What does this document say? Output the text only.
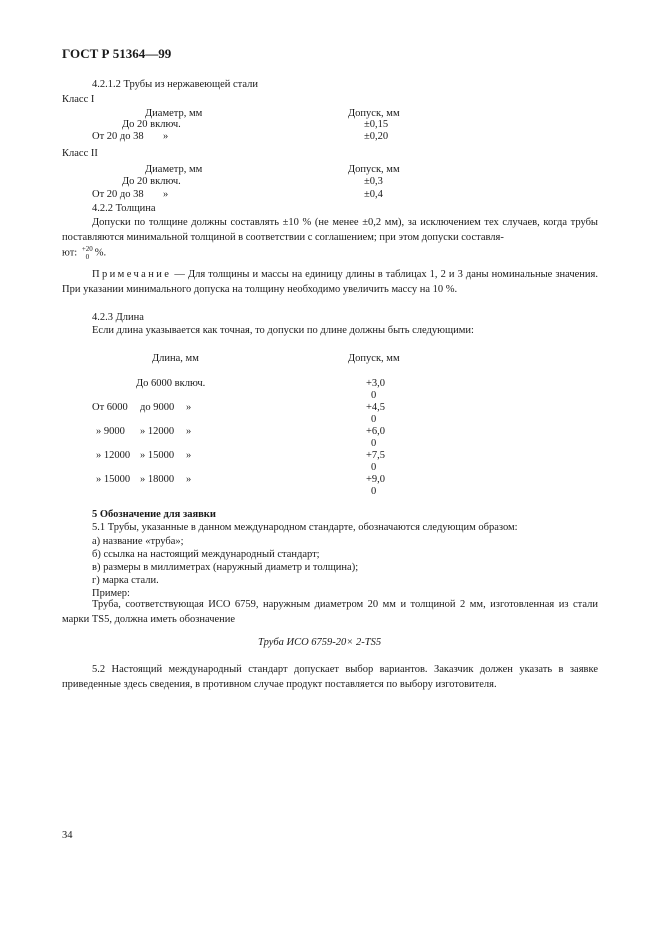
ГОСТ Р 51364—99
4.2.1.2 Трубы из нержавеющей стали
Класс I
Диаметр, мм	Допуск, мм
До 20 включ.	±0,15
От 20 до 38 »	±0,20
Класс II
Диаметр, мм	Допуск, мм
До 20 включ.	±0,3
От 20 до 38 »	±0,4
4.2.2 Толщина
Допуски по толщине должны составлять ±10 % (не менее ±0,2 мм), за исключением тех случаев, когда трубы поставляются минимальной толщиной в соответствии с соглашением; при этом допуски составля-
ют: +20
0 %.
Примечание — Для толщины и массы на единицу длины в таблицах 1, 2 и 3 даны номинальные значения. При указании минимального допуска на толщину необходимо увеличить массу на 10 %.
4.2.3 Длина
Если длина указывается как точная, то допуски по длине должны быть следующими:
Длина, мм	Допуск, мм
До 6000 включ.	+3,0
0
От 6000 до 9000 »	+4,5
0
» 9000 » 12000 »	+6,0
0
» 12000 » 15000 »	+7,5
0
» 15000 » 18000 »	+9,0
0
5 Обозначение для заявки
5.1 Трубы, указанные в данном международном стандарте, обозначаются следующим образом:
а) название «труба»;
б) ссылка на настоящий международный стандарт;
в) размеры в миллиметрах (наружный диаметр и толщина);
г) марка стали.
Пример:
Труба, соответствующая ИСО 6759, наружным диаметром 20 мм и толщиной 2 мм, изготовленная из стали марки TS5, должна иметь обозначение
Труба ИСО 6759-20× 2-TS5
5.2 Настоящий международный стандарт допускает выбор вариантов. Заказчик должен указать в заявке приведенные здесь сведения, в противном случае продукт поставляется по выбору изготовителя.
34
